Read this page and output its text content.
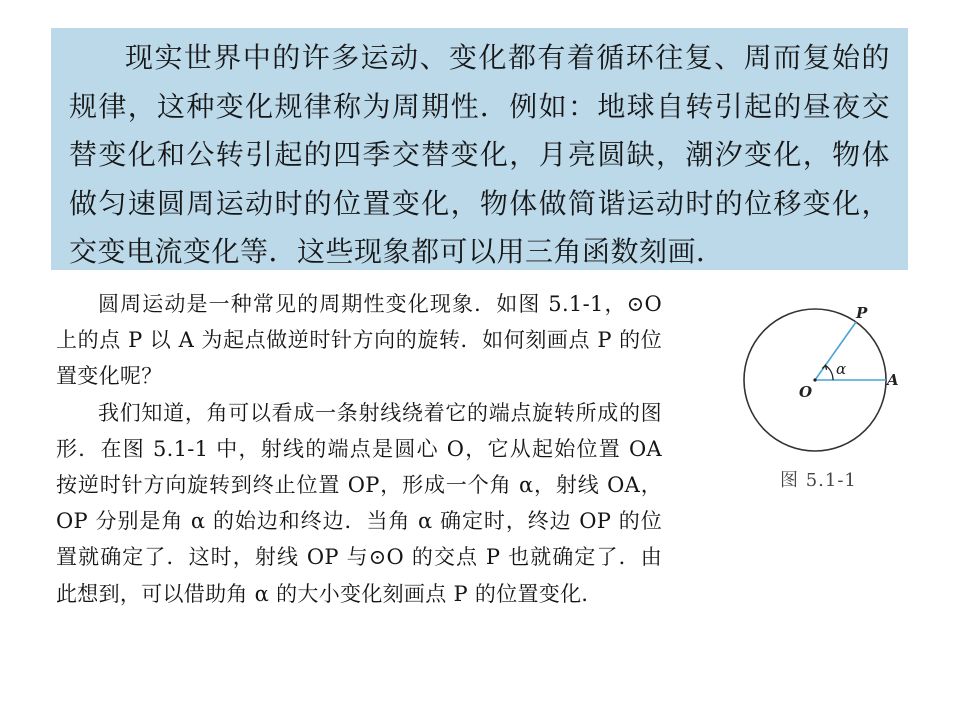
现实世界中的许多运动、变化都有着循环往复、周而复始的规律，这种变化规律称为周期性．例如：地球自转引起的昼夜交替变化和公转引起的四季交替变化，月亮圆缺，潮汐变化，物体做匀速圆周运动时的位置变化，物体做简谐运动时的位移变化，交变电流变化等．这些现象都可以用三角函数刻画．

圆周运动是一种常见的周期性变化现象．如图 5.1-1，⊙O 上的点 P 以 A 为起点做逆时针方向的旋转．如何刻画点 P 的位置变化呢？

我们知道，角可以看成一条射线绕着它的端点旋转所成的图形．在图 5.1-1 中，射线的端点是圆心 O，它从起始位置 OA 按逆时针方向旋转到终止位置 OP，形成一个角 α，射线 OA，OP 分别是角 α 的始边和终边．当角 α 确定时，终边 OP 的位置就确定了．这时，射线 OP 与⊙O 的交点 P 也就确定了．由此想到，可以借助角 α 的大小变化刻画点 P 的位置变化．

O
A
P
α
图 5.1-1
